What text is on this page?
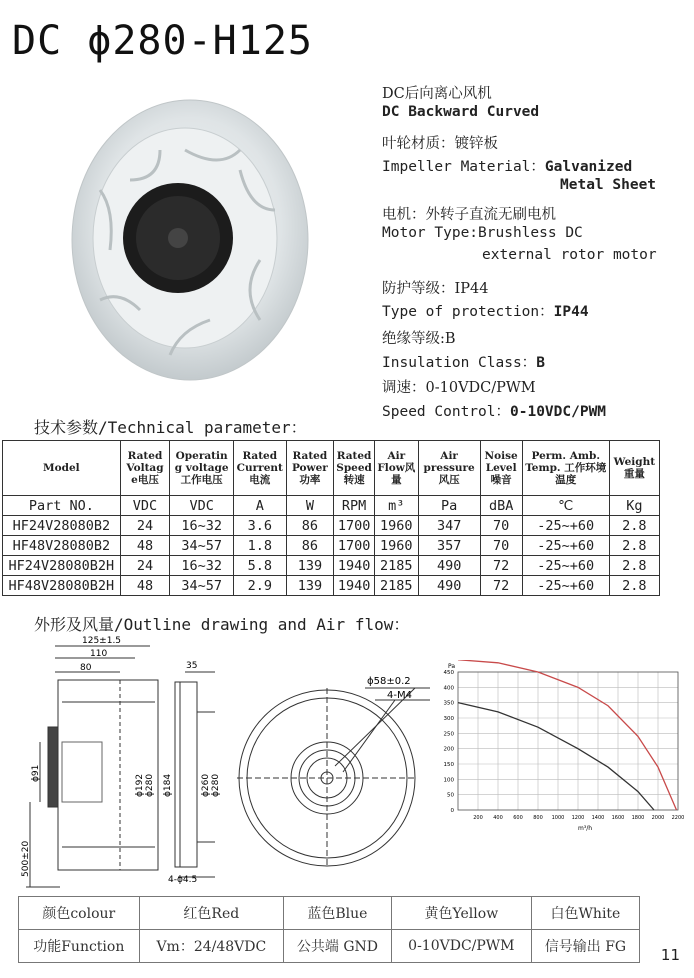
DC ϕ280-H125
DC后向离心风机
DC Backward Curved
叶轮材质：镀锌板
Impeller Material：Galvanized
Metal Sheet
电机：外转子直流无刷电机
Motor Type:Brushless DC
external rotor motor
防护等级：IP44
Type of protection：IP44
绝缘等级:B
Insulation Class：B
调速：0-10VDC/PWM
Speed Control：0-10VDC/PWM
技术参数/Technical parameter：
Model	Rated Voltag e电压	Operatin g voltage 工作电压	Rated Current 电流	Rated Power 功率	Rated Speed 转速	Air Flow风 量	Air pressure 风压	Noise Level 噪音	Perm. Amb. Temp. 工作环境温度	Weight 重量
Part NO.	VDC	VDC	A	W	RPM	m³	Pa	dBA	℃	Kg
HF24V28080B2	24	16~32	3.6	86	1700	1960	347	70	-25~+60	2.8
HF48V28080B2	48	34~57	1.8	86	1700	1960	357	70	-25~+60	2.8
HF24V28080B2H	24	16~32	5.8	139	1940	2185	490	72	-25~+60	2.8
HF48V28080B2H	48	34~57	2.9	139	1940	2185	490	72	-25~+60	2.8
外形及风量/Outline drawing and Air flow：
125±1.5
110
80
ϕ91
ϕ192 ϕ280
500±20
35
ϕ184	ϕ260 ϕ280
4-ϕ4.5
ϕ58±0.2
4-M4
0
50
100
150
200
250
300
350
400
450
200 400 600 800 1000 1200 1400 1600 1800 2000 2200
Pa
m³/h
颜色colour	红色Red	蓝色Blue	黄色Yellow	白色White
功能Function	Vm：24/48VDC	公共端 GND	0-10VDC/PWM	信号输出 FG 11
